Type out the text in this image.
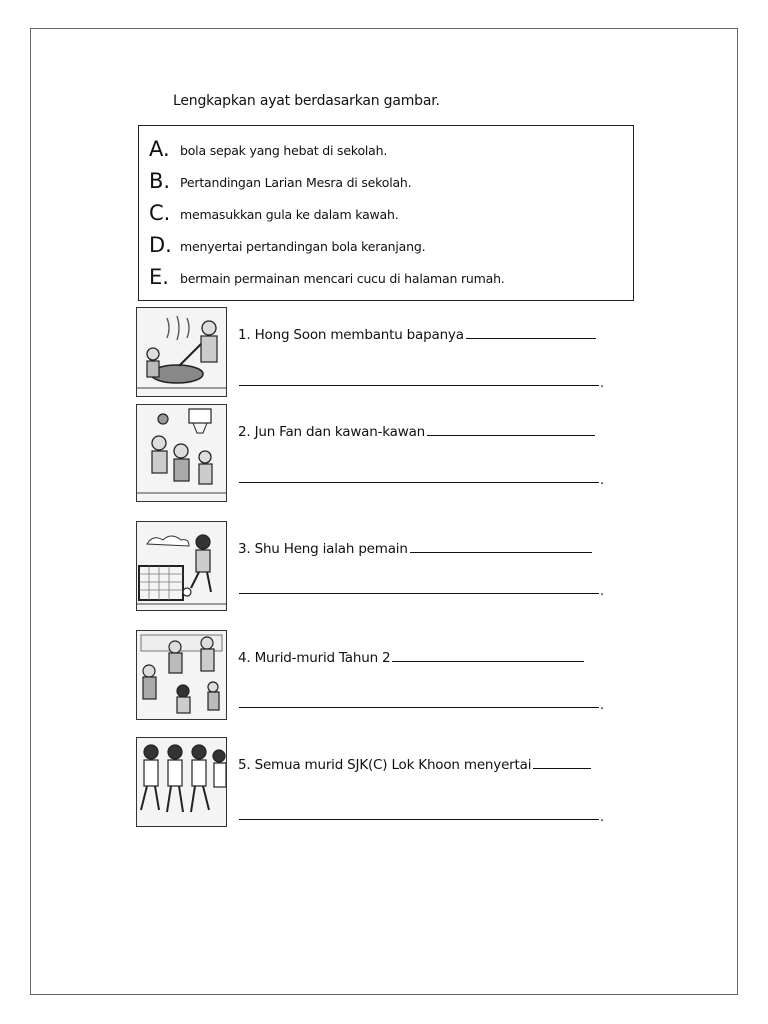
Lengkapkan ayat berdasarkan gambar.
A. bola sepak yang hebat di sekolah.
B. Pertandingan Larian Mesra di sekolah.
C. memasukkan gula ke dalam kawah.
D. menyertai pertandingan bola keranjang.
E. bermain permainan mencari cucu di halaman rumah.
1. Hong Soon membantu bapanya
.
2. Jun Fan dan kawan-kawan
.
3. Shu Heng ialah pemain
.
4. Murid-murid Tahun 2
.
5. Semua murid SJK(C) Lok Khoon menyertai
.
